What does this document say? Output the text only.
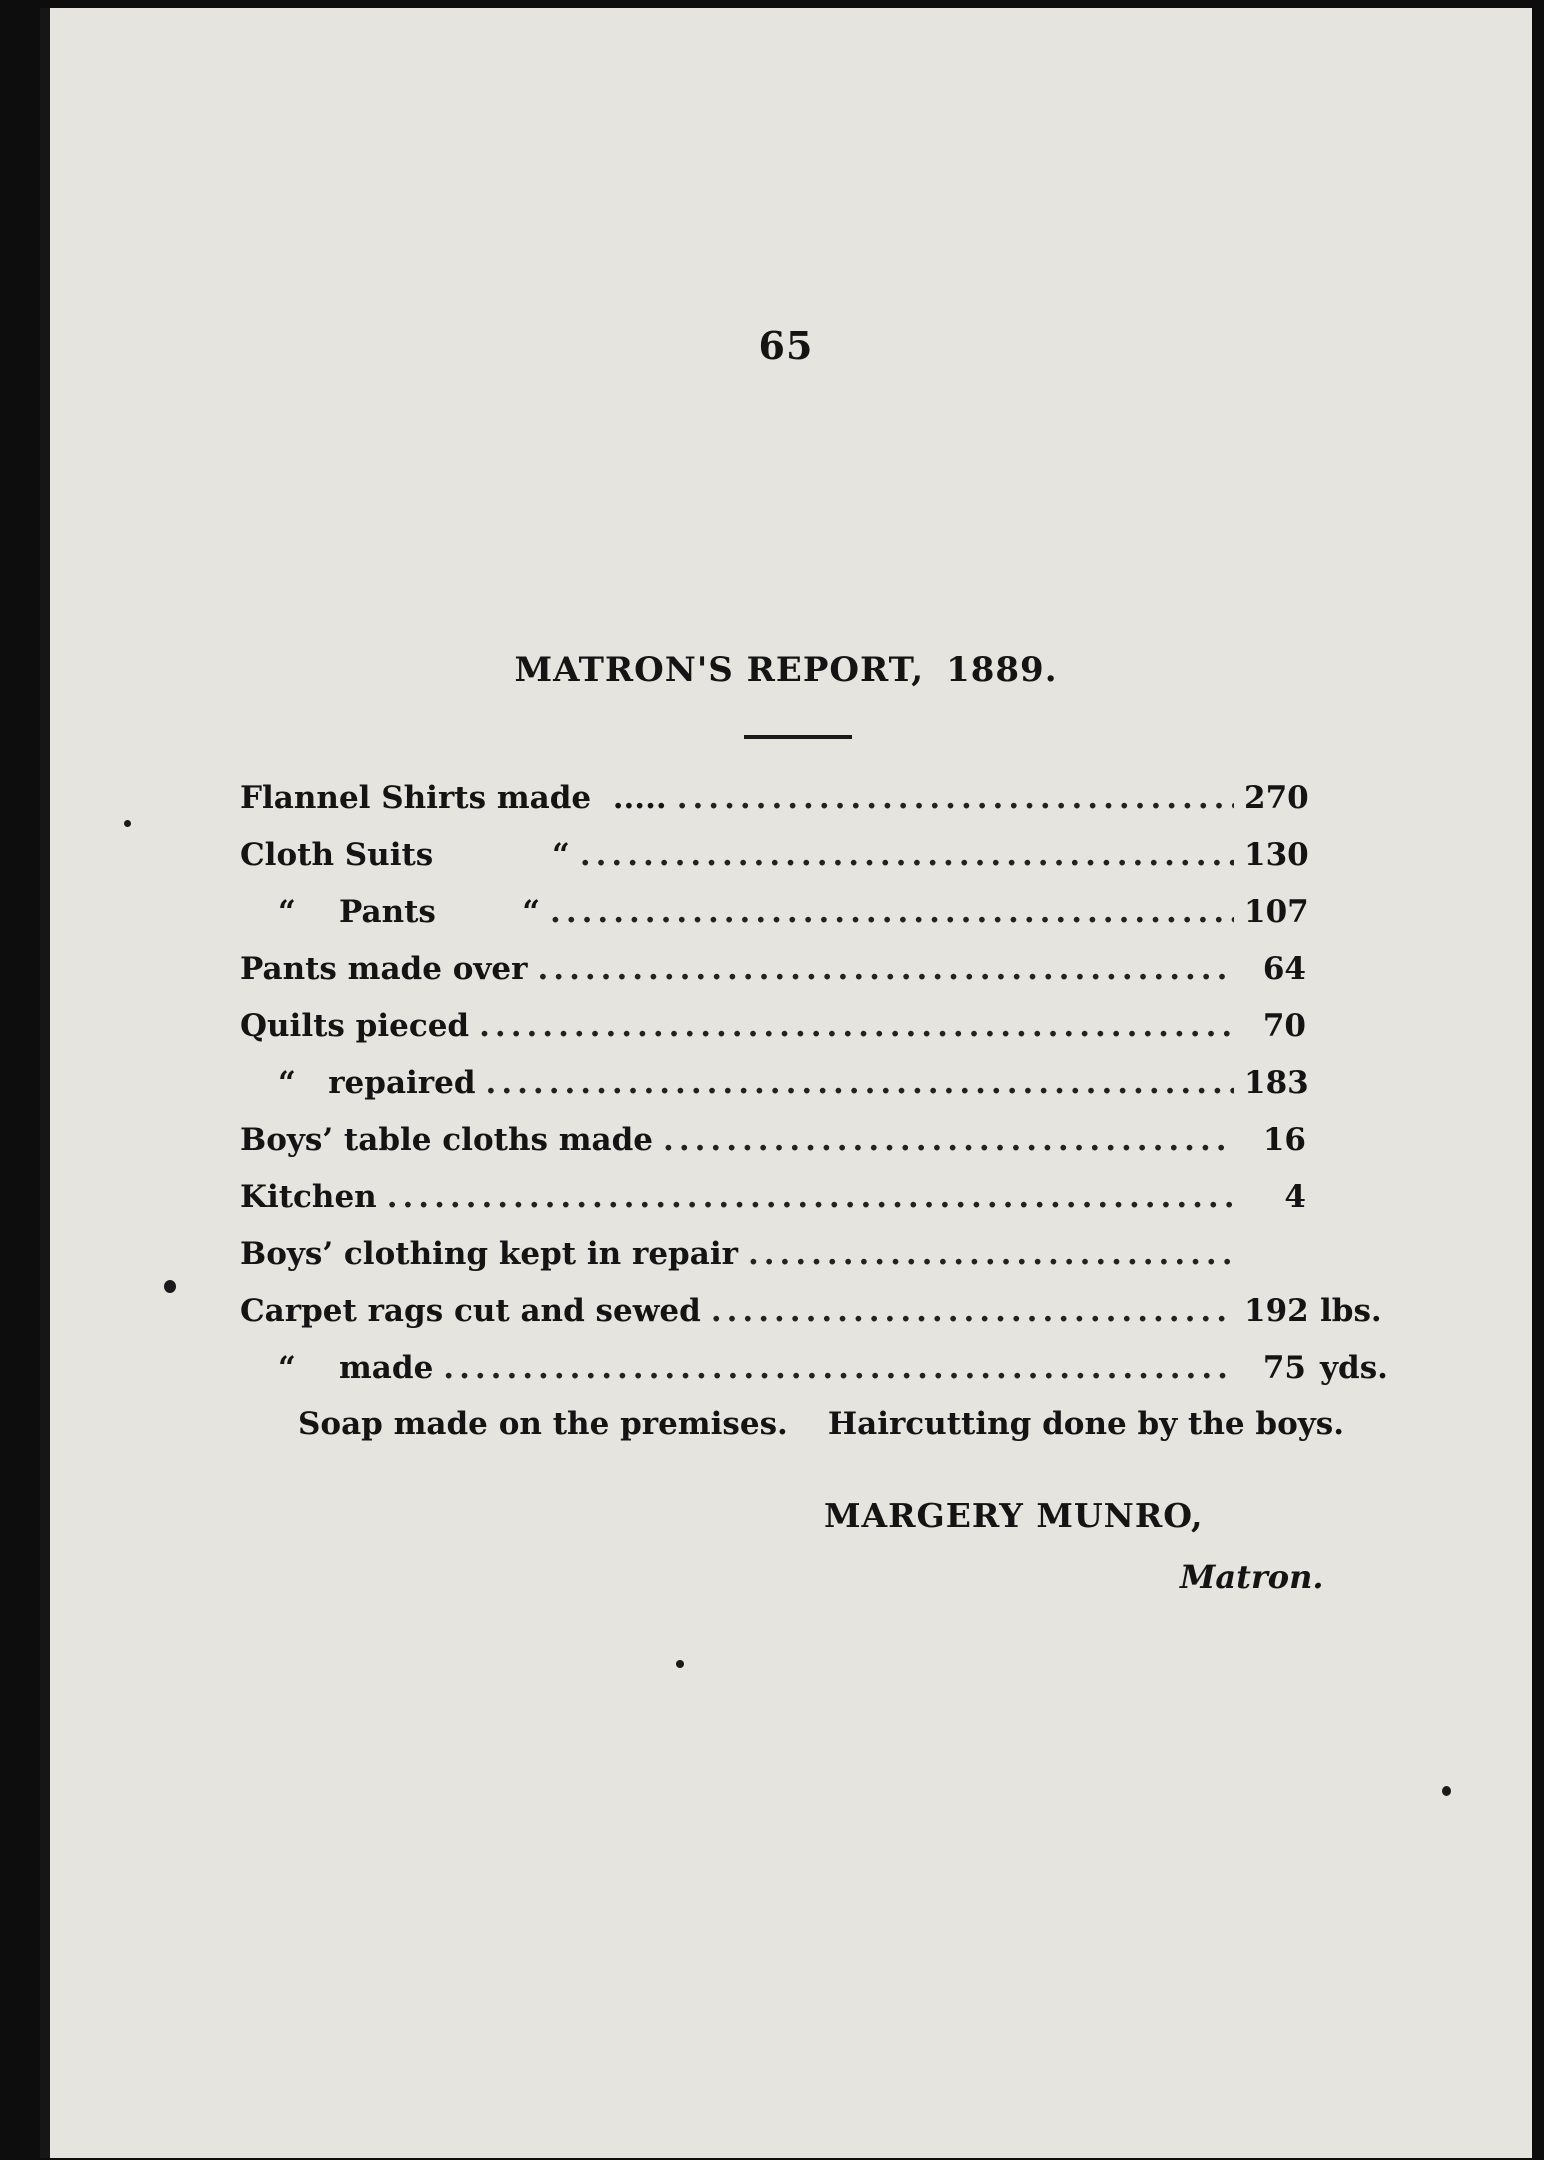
65
MATRON'S REPORT, 1889.
Flannel Shirts made  ..... .....	270
Cloth Suits           “ .....	130
“    Pants        “ .....	107
Pants made over .....	64
Quilts pieced .....	70
“   repaired .....	183
Boys’ table cloths made .....	16
Kitchen .....	4
Boys’ clothing kept in repair
.....
Carpet rags cut and sewed .....	192 lbs.
“    made .....	75 yds.
Soap made on the premises. Haircutting done by the boys.
MARGERY MUNRO,
Matron.
